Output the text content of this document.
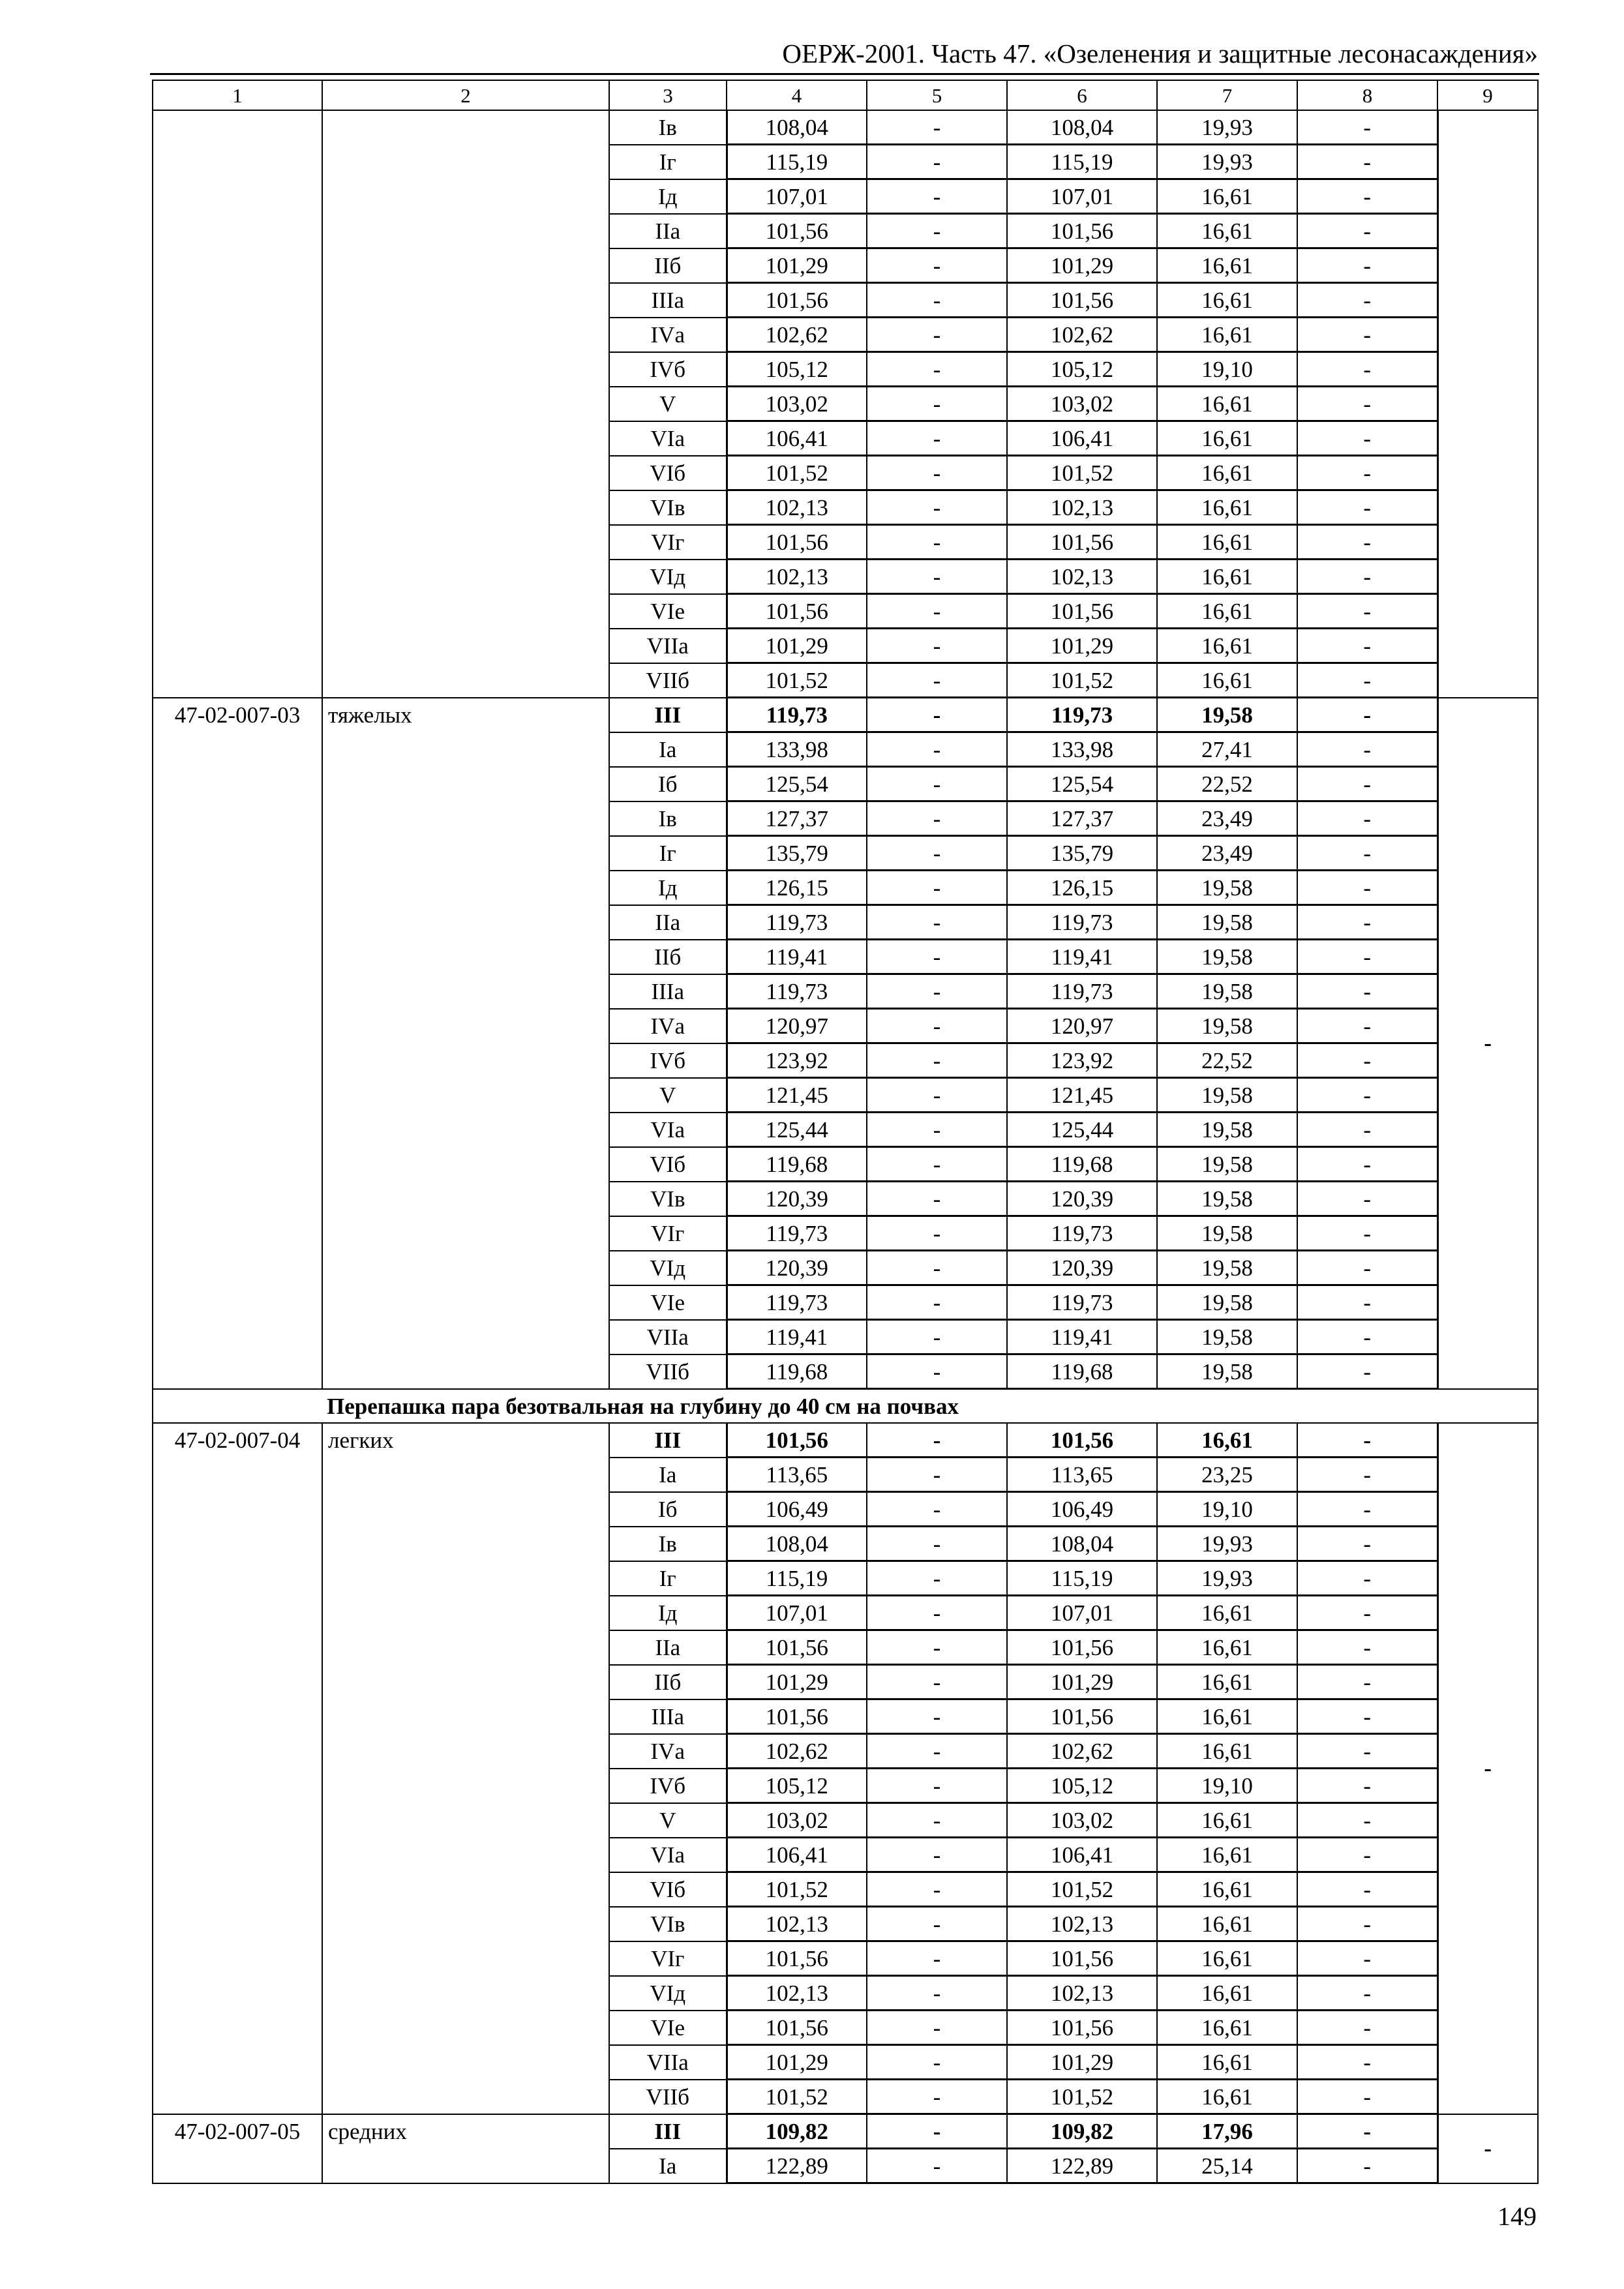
ОЕРЖ-2001. Часть 47. «Озеленения и защитные лесонасаждения»
1	2	3	4	5	6	7	8	9
		Iв	108,04	-	108,04	19,93	-	
		Iг	115,19	-	115,19	19,93	-	
		Iд	107,01	-	107,01	16,61	-	
		IIа	101,56	-	101,56	16,61	-	
		IIб	101,29	-	101,29	16,61	-	
		IIIа	101,56	-	101,56	16,61	-	
		IVа	102,62	-	102,62	16,61	-	
		IVб	105,12	-	105,12	19,10	-	
		V	103,02	-	103,02	16,61	-	
		VIа	106,41	-	106,41	16,61	-	
		VIб	101,52	-	101,52	16,61	-	
		VIв	102,13	-	102,13	16,61	-	
		VIг	101,56	-	101,56	16,61	-	
		VIд	102,13	-	102,13	16,61	-	
		VIе	101,56	-	101,56	16,61	-	
		VIIа	101,29	-	101,29	16,61	-	
		VIIб	101,52	-	101,52	16,61	-	
47-02-007-03	тяжелых	III	119,73	-	119,73	19,58	-	-
		Iа	133,98	-	133,98	27,41	-	
		Iб	125,54	-	125,54	22,52	-	
		Iв	127,37	-	127,37	23,49	-	
		Iг	135,79	-	135,79	23,49	-	
		Iд	126,15	-	126,15	19,58	-	
		IIа	119,73	-	119,73	19,58	-	
		IIб	119,41	-	119,41	19,58	-	
		IIIа	119,73	-	119,73	19,58	-	
		IVа	120,97	-	120,97	19,58	-	
		IVб	123,92	-	123,92	22,52	-	
		V	121,45	-	121,45	19,58	-	
		VIа	125,44	-	125,44	19,58	-	
		VIб	119,68	-	119,68	19,58	-	
		VIв	120,39	-	120,39	19,58	-	
		VIг	119,73	-	119,73	19,58	-	
		VIд	120,39	-	120,39	19,58	-	
		VIе	119,73	-	119,73	19,58	-	
		VIIа	119,41	-	119,41	19,58	-	
		VIIб	119,68	-	119,68	19,58	-	
Перепашка пара безотвальная на глубину до 40 см на почвах								
47-02-007-04	легких	III	101,56	-	101,56	16,61	-	-
		Iа	113,65	-	113,65	23,25	-	
		Iб	106,49	-	106,49	19,10	-	
		Iв	108,04	-	108,04	19,93	-	
		Iг	115,19	-	115,19	19,93	-	
		Iд	107,01	-	107,01	16,61	-	
		IIа	101,56	-	101,56	16,61	-	
		IIб	101,29	-	101,29	16,61	-	
		IIIа	101,56	-	101,56	16,61	-	
		IVа	102,62	-	102,62	16,61	-	
		IVб	105,12	-	105,12	19,10	-	
		V	103,02	-	103,02	16,61	-	
		VIа	106,41	-	106,41	16,61	-	
		VIб	101,52	-	101,52	16,61	-	
		VIв	102,13	-	102,13	16,61	-	
		VIг	101,56	-	101,56	16,61	-	
		VIд	102,13	-	102,13	16,61	-	
		VIе	101,56	-	101,56	16,61	-	
		VIIа	101,29	-	101,29	16,61	-	
		VIIб	101,52	-	101,52	16,61	-	
47-02-007-05	средних	III	109,82	-	109,82	17,96	-	-
		Iа	122,89	-	122,89	25,14	-	
149
